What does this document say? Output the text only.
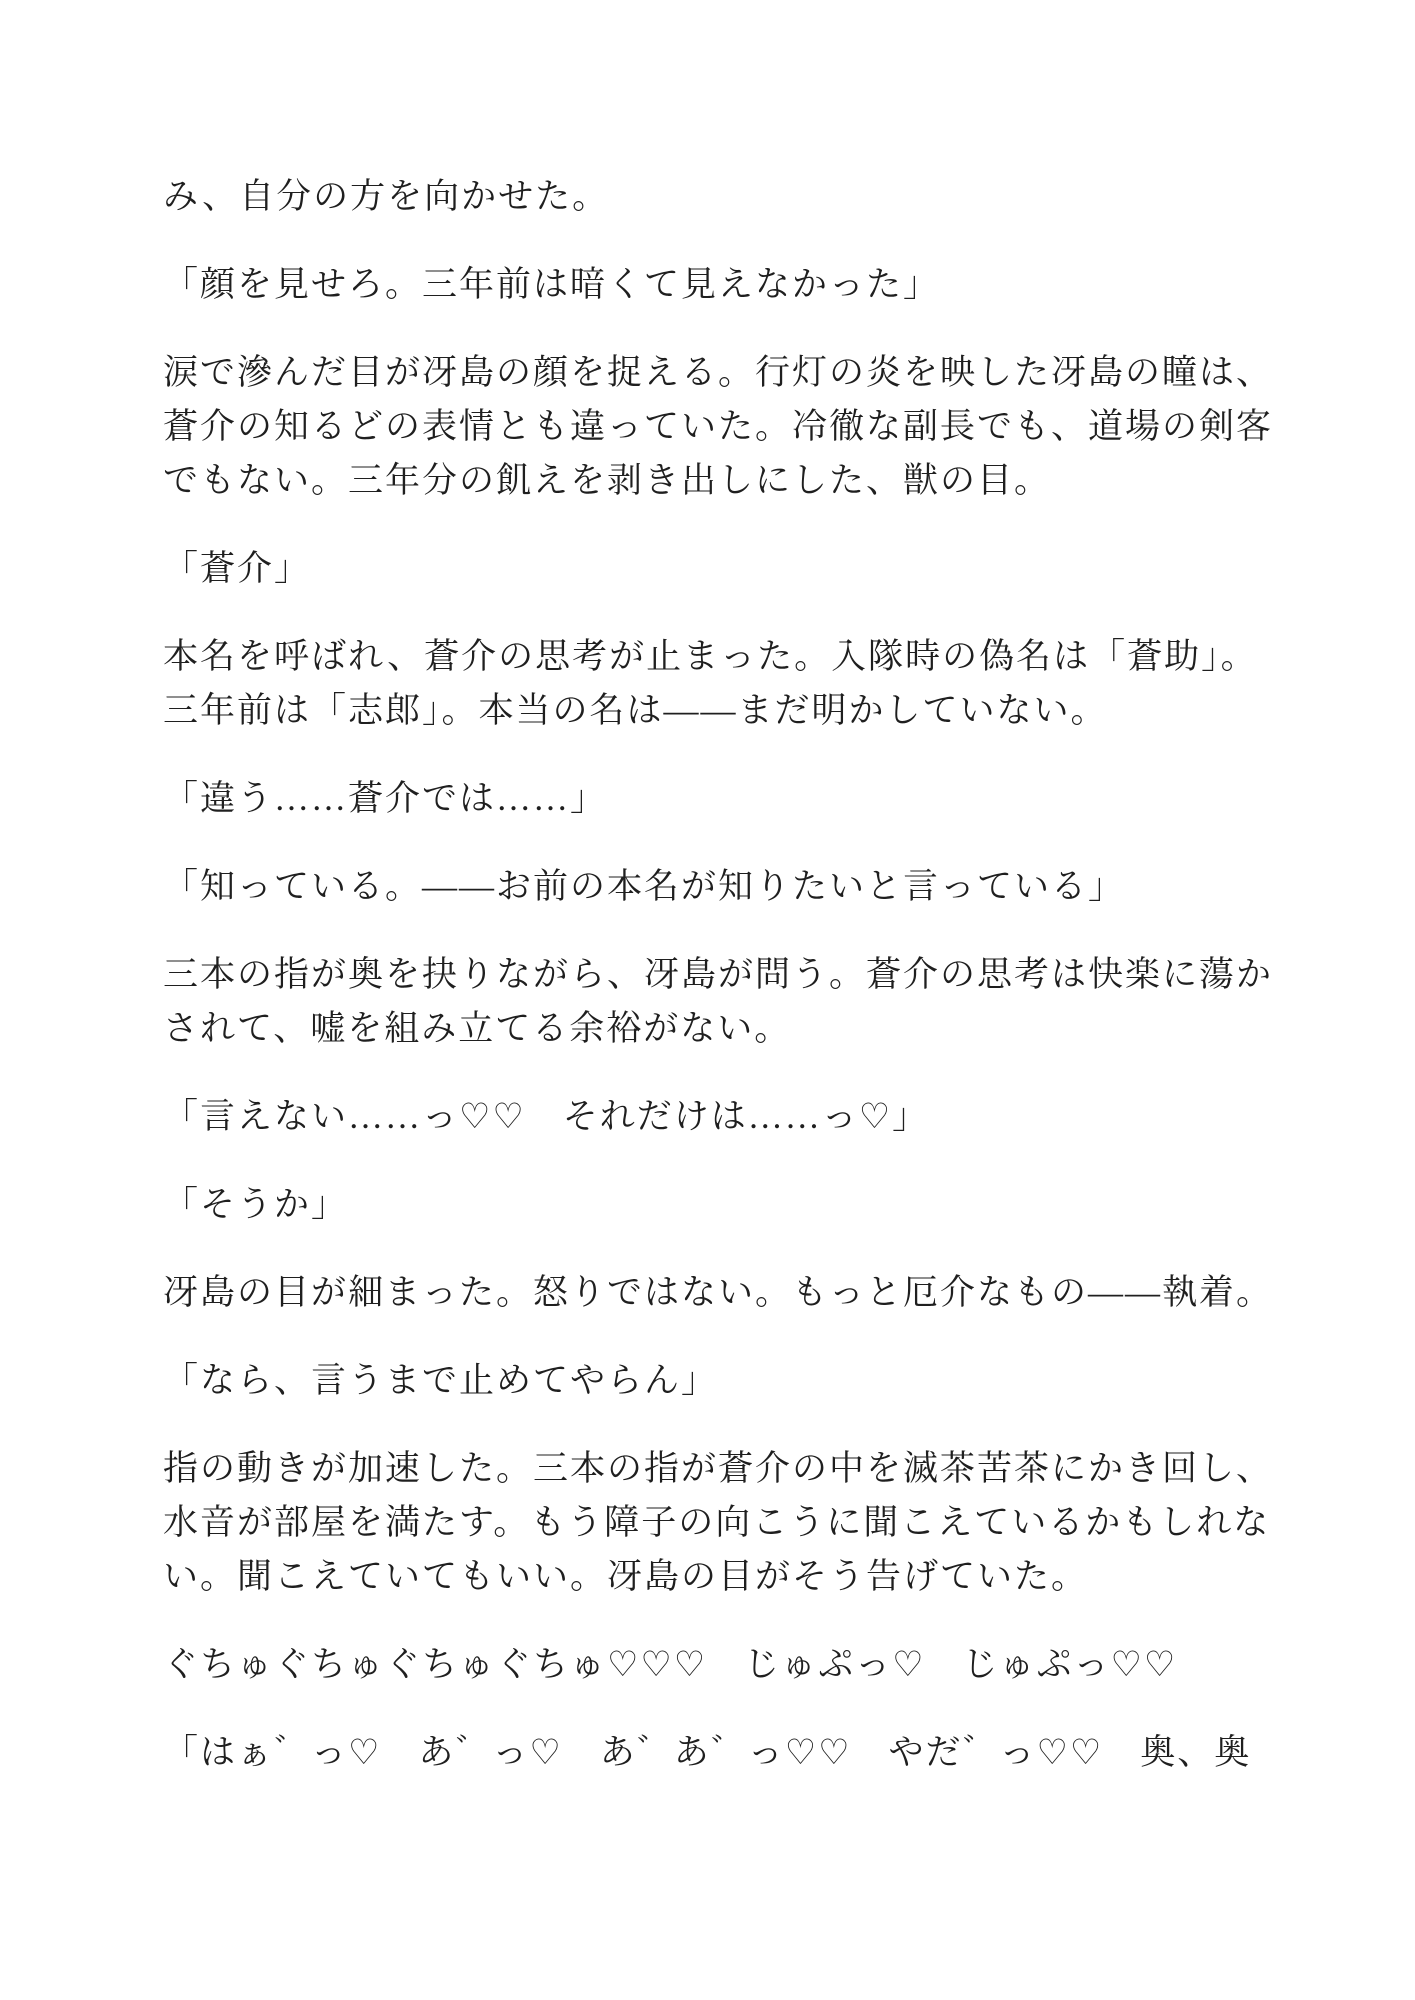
み、自分の方を向かせた。

「顔を見せろ。三年前は暗くて見えなかった」

涙で滲んだ目が冴島の顔を捉える。行灯の炎を映した冴島の瞳は、
蒼介の知るどの表情とも違っていた。冷徹な副長でも、道場の剣客
でもない。三年分の飢えを剥き出しにした、獣の目。

「蒼介」

本名を呼ばれ、蒼介の思考が止まった。入隊時の偽名は「蒼助」。
三年前は「志郎」。本当の名は――まだ明かしていない。

「違う……蒼介では……」

「知っている。――お前の本名が知りたいと言っている」

三本の指が奥を抉りながら、冴島が問う。蒼介の思考は快楽に蕩か
されて、嘘を組み立てる余裕がない。

「言えない……っ♡♡　それだけは……っ♡」

「そうか」

冴島の目が細まった。怒りではない。もっと厄介なもの――執着。

「なら、言うまで止めてやらん」

指の動きが加速した。三本の指が蒼介の中を滅茶苦茶にかき回し、
水音が部屋を満たす。もう障子の向こうに聞こえているかもしれな
い。聞こえていてもいい。冴島の目がそう告げていた。

ぐちゅぐちゅぐちゅぐちゅ♡♡♡　じゅぷっ♡　じゅぷっ♡♡

「はぁ゛っ♡　あ゛っ♡　あ゛あ゛っ♡♡　やだ゛っ♡♡　奥、奥
